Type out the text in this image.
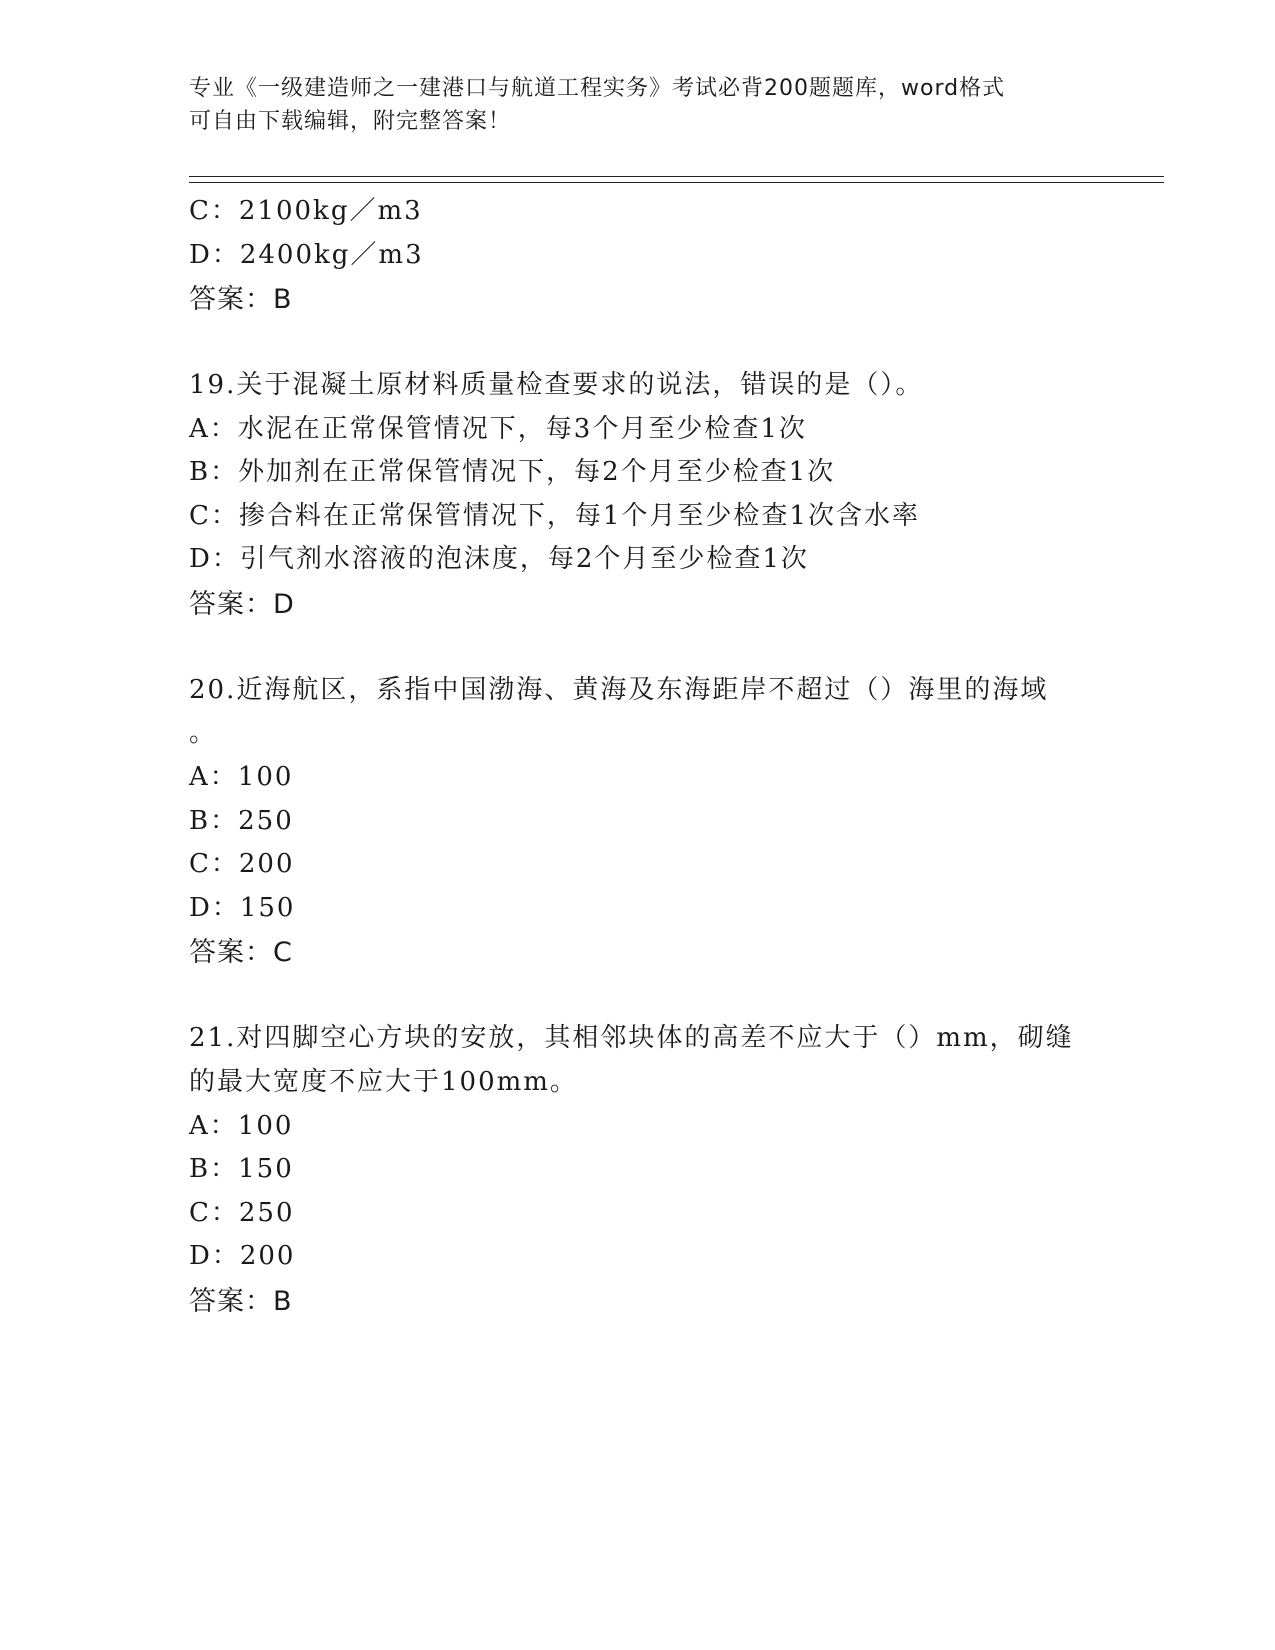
专业《一级建造师之一建港口与航道工程实务》考试必背200题题库，word格式
可自由下载编辑，附完整答案！
C：2100kg／m3
D：2400kg／m3
答案：B
19.关于混凝土原材料质量检查要求的说法，错误的是（）。
A：水泥在正常保管情况下，每3个月至少检查1次
B：外加剂在正常保管情况下，每2个月至少检查1次
C：掺合料在正常保管情况下，每1个月至少检查1次含水率
D：引气剂水溶液的泡沫度，每2个月至少检查1次
答案：D
20.近海航区，系指中国渤海、黄海及东海距岸不超过（）海里的海域
。
A：100
B：250
C：200
D：150
答案：C
21.对四脚空心方块的安放，其相邻块体的高差不应大于（）mm，砌缝
的最大宽度不应大于100mm。
A：100
B：150
C：250
D：200
答案：B
